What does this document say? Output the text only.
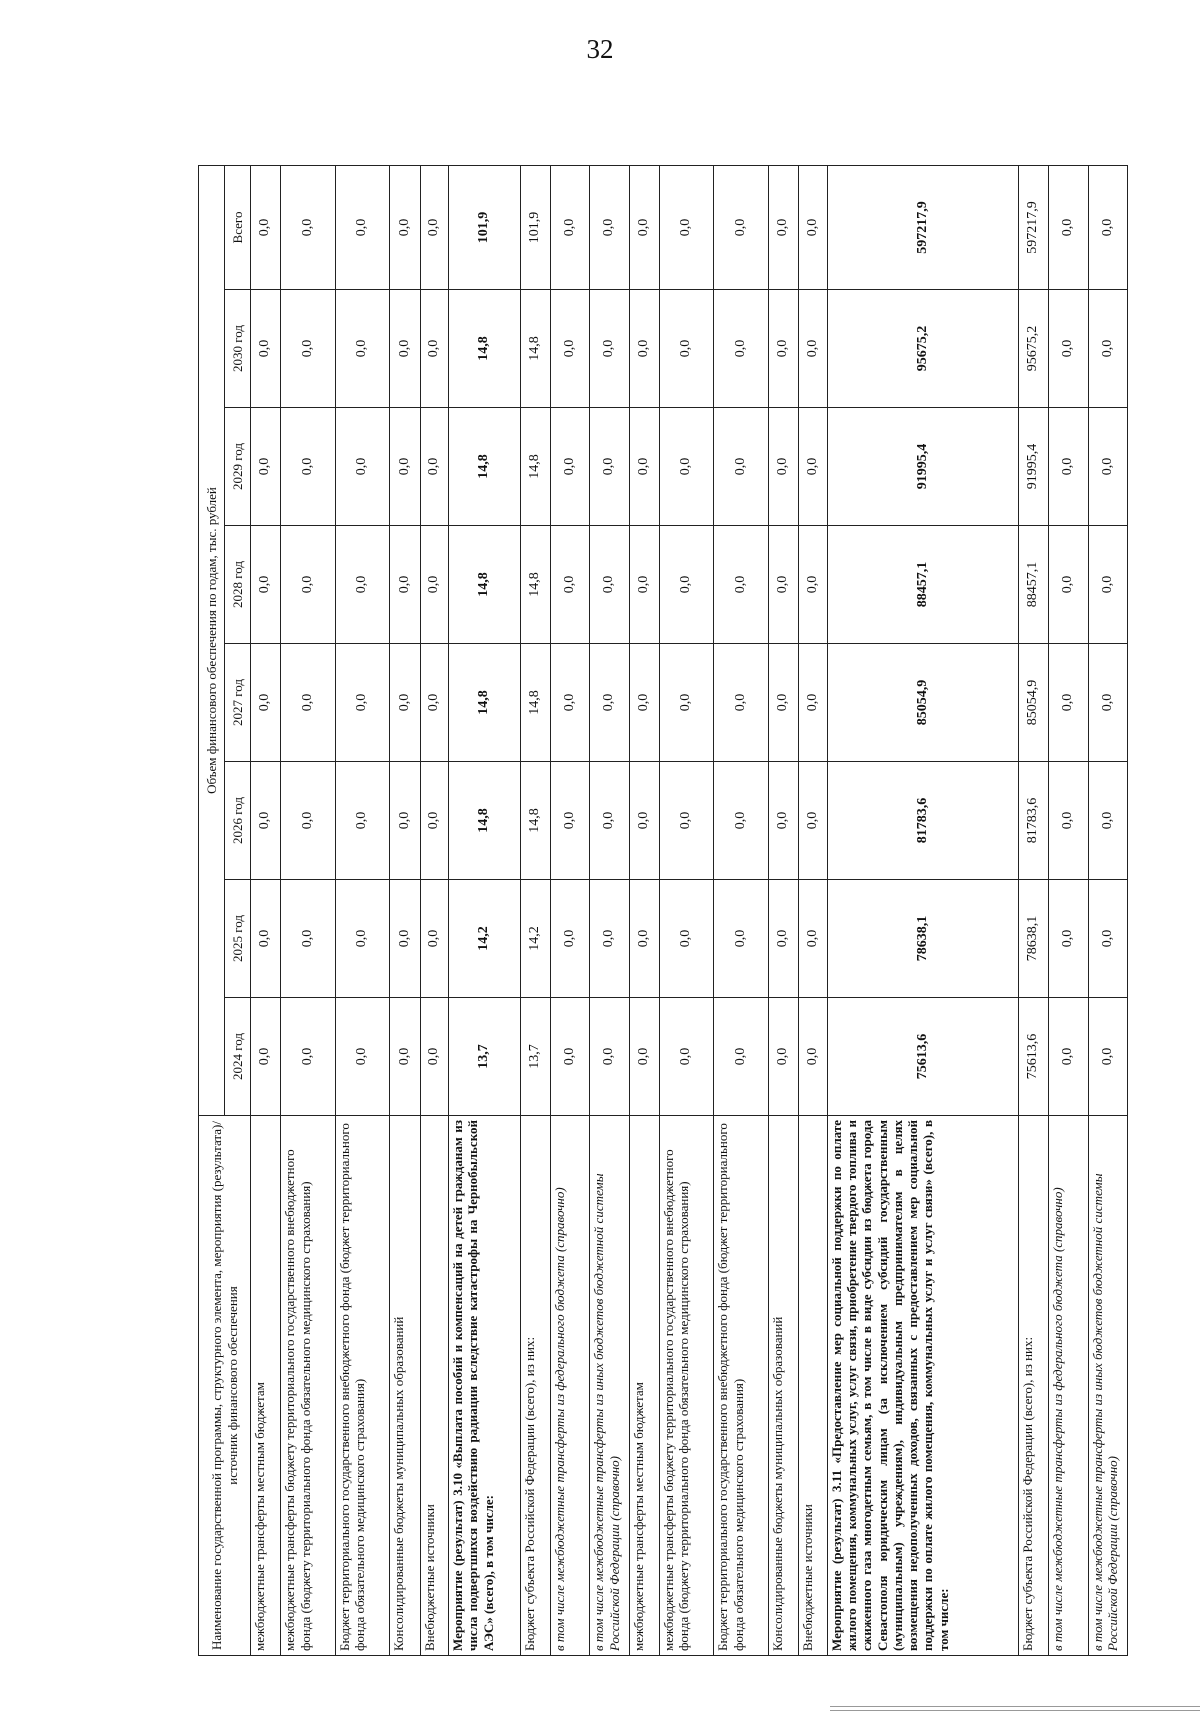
32
Наименование государственной программы, структурного элемента, мероприятия (результата)/источник финансового обеспечения	Объем финансового обеспечения по годам, тыс. рублей							
	2024 год	2025 год	2026 год	2027 год	2028 год	2029 год	2030 год	Всего
межбюджетные трансферты местным бюджетам	0,0	0,0	0,0	0,0	0,0	0,0	0,0	0,0
межбюджетные трансферты бюджету территориального государственного внебюджетного фонда (бюджету территориального фонда обязательного медицинского страхования)	0,0	0,0	0,0	0,0	0,0	0,0	0,0	0,0
Бюджет территориального государственного внебюджетного фонда (бюджет территориального фонда обязательного медицинского страхования)	0,0	0,0	0,0	0,0	0,0	0,0	0,0	0,0
Консолидированные бюджеты муниципальных образований	0,0	0,0	0,0	0,0	0,0	0,0	0,0	0,0
Внебюджетные источники	0,0	0,0	0,0	0,0	0,0	0,0	0,0	0,0
Мероприятие (результат) 3.10 «Выплата пособий и компенсаций на детей гражданам из числа подвергшихся воздействию радиации вследствие катастрофы на Чернобыльской АЭС» (всего), в том числе:	13,7	14,2	14,8	14,8	14,8	14,8	14,8	101,9
Бюджет субъекта Российской Федерации (всего), из них:	13,7	14,2	14,8	14,8	14,8	14,8	14,8	101,9
в том числе межбюджетные трансферты из федерального бюджета (справочно)	0,0	0,0	0,0	0,0	0,0	0,0	0,0	0,0
в том числе межбюджетные трансферты из иных бюджетов бюджетной системы Российской Федерации (справочно)	0,0	0,0	0,0	0,0	0,0	0,0	0,0	0,0
межбюджетные трансферты местным бюджетам	0,0	0,0	0,0	0,0	0,0	0,0	0,0	0,0
межбюджетные трансферты бюджету территориального государственного внебюджетного фонда (бюджету территориального фонда обязательного медицинского страхования)	0,0	0,0	0,0	0,0	0,0	0,0	0,0	0,0
Бюджет территориального государственного внебюджетного фонда (бюджет территориального фонда обязательного медицинского страхования)	0,0	0,0	0,0	0,0	0,0	0,0	0,0	0,0
Консолидированные бюджеты муниципальных образований	0,0	0,0	0,0	0,0	0,0	0,0	0,0	0,0
Внебюджетные источники	0,0	0,0	0,0	0,0	0,0	0,0	0,0	0,0
Мероприятие (результат) 3.11 «Предоставление мер социальной поддержки по оплате жилого помещения, коммунальных услуг, услуг связи, приобретение твердого топлива и сжиженного газа многодетным семьям, в том числе в виде субсидии из бюджета города Севастополя юридическим лицам (за исключением субсидий государственным (муниципальным) учреждениям), индивидуальным предпринимателям в целях возмещения недополученных доходов, связанных с предоставлением мер социальной поддержки по оплате жилого помещения, коммунальных услуг и услуг связи» (всего), в том числе:	75613,6	78638,1	81783,6	85054,9	88457,1	91995,4	95675,2	597217,9
Бюджет субъекта Российской Федерации (всего), из них:	75613,6	78638,1	81783,6	85054,9	88457,1	91995,4	95675,2	597217,9
в том числе межбюджетные трансферты из федерального бюджета (справочно)	0,0	0,0	0,0	0,0	0,0	0,0	0,0	0,0
в том числе межбюджетные трансферты из иных бюджетов бюджетной системы Российской Федерации (справочно)	0,0	0,0	0,0	0,0	0,0	0,0	0,0	0,0
